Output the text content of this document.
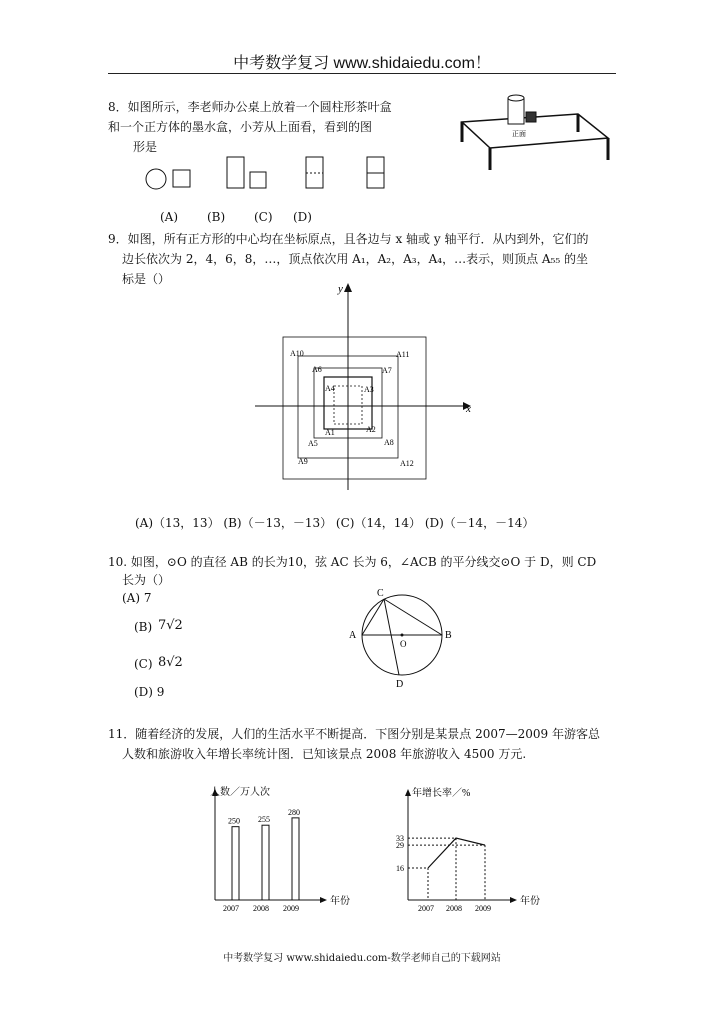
中考数学复习 www.shidaiedu.com！
8．如图所示，李老师办公桌上放着一个圆柱形茶叶盒
和一个正方体的墨水盒，小芳从上面看，看到的图
形是
正面
(A) (B) (C) (D)
9．如图，所有正方形的中心均在坐标原点，且各边与 x 轴或 y 轴平行．从内到外，它们的
边长依次为 2，4，6，8，…，顶点依次用 A₁，A₂，A₃，A₄，…表示，则顶点 A₅₅ 的坐
标是（）
x
y
A1	A2
A3
A4
A5
A6	A7
A8
A9
A10	A11
A12
(A)（13，13） (B)（－13，－13） (C)（14，14） (D)（－14，－14）
10. 如图，⊙O 的直径 AB 的长为10，弦 AC 长为 6，∠ACB 的平分线交⊙O 于 D，则 CD
长为（）
(A) 7
(B) 7√2
(C) 8√2
(D) 9
C
A	B
O
D
11．随着经济的发展，人们的生活水平不断提高．下图分别是某景点 2007—2009 年游客总
人数和旅游收入年增长率统计图．已知该景点 2008 年旅游收入 4500 万元.
人数／万人次
年份
250
2007
255
2008
280
2009
年增长率／%
年份
2007 2008 2009
33
29
16
中考数学复习 www.shidaiedu.com-数学老师自己的下载网站
